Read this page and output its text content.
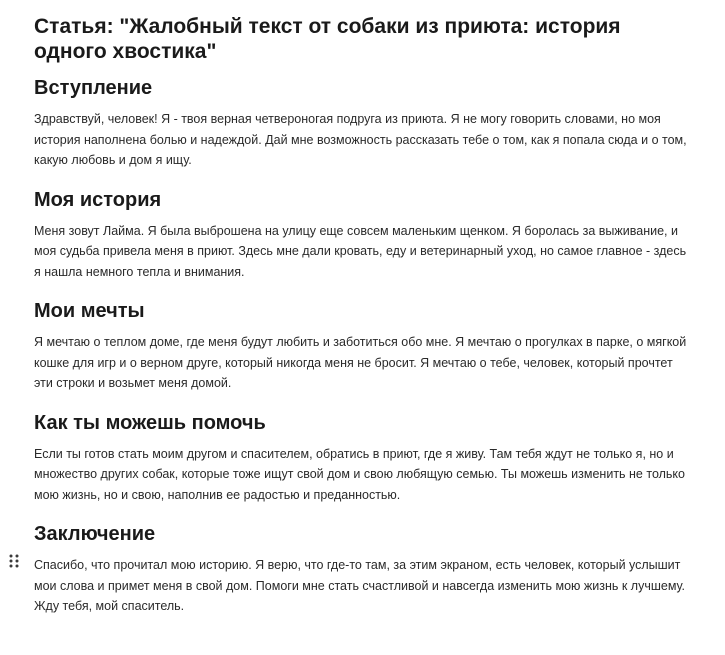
Статья: "Жалобный текст от собаки из приюта: история одного хвостика"
Вступление

Здравствуй, человек! Я - твоя верная четвероногая подруга из приюта. Я не могу говорить словами, но моя история наполнена болью и надеждой. Дай мне возможность рассказать тебе о том, как я попала сюда и о том, какую любовь и дом я ищу.

Моя история

Меня зовут Лайма. Я была выброшена на улицу еще совсем маленьким щенком. Я боролась за выживание, и моя судьба привела меня в приют. Здесь мне дали кровать, еду и ветеринарный уход, но самое главное - здесь я нашла немного тепла и внимания.

Мои мечты

Я мечтаю о теплом доме, где меня будут любить и заботиться обо мне. Я мечтаю о прогулках в парке, о мягкой кошке для игр и о верном друге, который никогда меня не бросит. Я мечтаю о тебе, человек, который прочтет эти строки и возьмет меня домой.

Как ты можешь помочь

Если ты готов стать моим другом и спасителем, обратись в приют, где я живу. Там тебя ждут не только я, но и множество других собак, которые тоже ищут свой дом и свою любящую семью. Ты можешь изменить не только мою жизнь, но и свою, наполнив ее радостью и преданностью.

Заключение

Спасибо, что прочитал мою историю. Я верю, что где-то там, за этим экраном, есть человек, который услышит мои слова и примет меня в свой дом. Помоги мне стать счастливой и навсегда изменить мою жизнь к лучшему. Жду тебя, мой спаситель.
